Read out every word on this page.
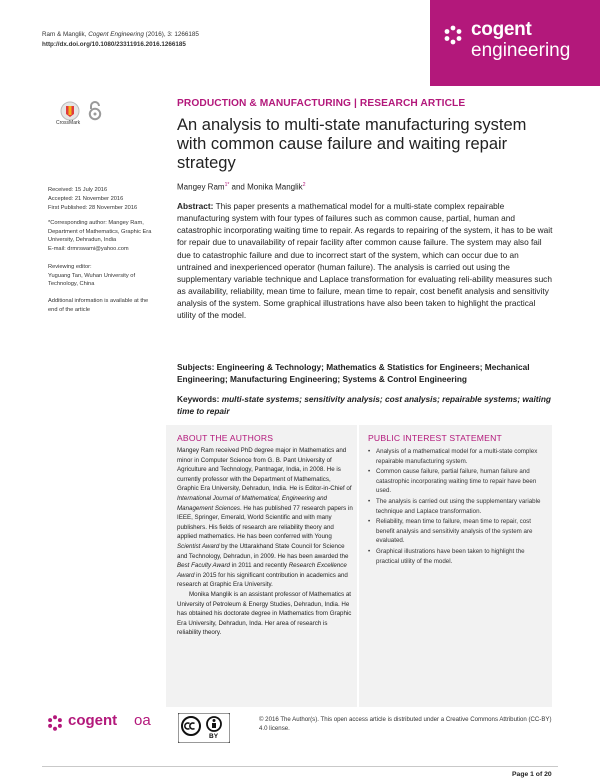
Ram & Manglik, Cogent Engineering (2016), 3: 1266185
http://dx.doi.org/10.1080/23311916.2016.1266185
cogent
engineering
CrossMark
PRODUCTION & MANUFACTURING | RESEARCH ARTICLE
An analysis to multi-state manufacturing system with common cause failure and waiting repair strategy
Mangey Ram$^{1*}$ and Monika Manglik$^2$
Received: 15 July 2016
Accepted: 21 November 2016
First Published: 28 November 2016
*Corresponding author: Mangey Ram, Department of Mathematics, Graphic Era University, Dehradun, India
E-mail: drmrswami@yahoo.com
Reviewing editor:
Yuguang Tan, Wuhan University of Technology, China
Additional information is available at the end of the article
Abstract: This paper presents a mathematical model for a multi-state complex repairable manufacturing system with four types of failures such as common cause, partial, human and catastrophic incorporating waiting time to repair. As regards to repairing of the system, it has to be wait for repair due to unavailability of repair facility after common cause failure. The system may also fail due to catastrophic failure and due to incorrect start of the system, which can occur due to an untrained and inexperienced operator (human failure). The analysis is carried out using the supplementary variable technique and Laplace transformation for evaluating reli-ability measures such as availability, reliability, mean time to failure, mean time to repair, cost benefit analysis and sensitivity analysis of the system. Some graphical illustrations have also been taken to highlight the practical utility of the model.
Subjects: Engineering & Technology; Mathematics & Statistics for Engineers; Mechanical Engineering; Manufacturing Engineering; Systems & Control Engineering
Keywords: multi-state systems; sensitivity analysis; cost analysis; repairable systems; waiting time to repair
ABOUT THE AUTHORS

Mangey Ram received PhD degree major in Mathematics and minor in Computer Science from G. B. Pant University of Agriculture and Technology, Pantnagar, India, in 2008. He is currently professor with the Department of Mathematics, Graphic Era University, Dehradun, India. He is Editor-in-Chief of International Journal of Mathematical, Engineering and Management Sciences. He has published 77 research papers in IEEE, Springer, Emerald, World Scientific and with many publishers. His fields of research are reliability theory and applied mathematics. He has been conferred with Young Scientist Award by the Uttarakhand State Council for Science and Technology, Dehradun, in 2009. He has been awarded the Best Faculty Award in 2011 and recently Research Excellence Award in 2015 for his significant contribution in academics and research at Graphic Era University.

Monika Manglik is an assistant professor of Mathematics at University of Petroleum & Energy Studies, Dehradun, India. He has obtained his doctorate degree in Mathematics from Graphic Era University, Dehradun, Inda. Her area of research is reliability theory.

PUBLIC INTEREST STATEMENT
• Analysis of a mathematical model for a multi-state complex repairable manufacturing system.
• Common cause failure, partial failure, human failure and catastrophic incorporating waiting time to repair have been used.
• The analysis is carried out using the supplementary variable technique and Laplace transformation.
• Reliability, mean time to failure, mean time to repair, cost benefit analysis and sensitivity analysis of the system are evaluated.
• Graphical illustrations have been taken to highlight the practical utility of the model.
cogent oa
BY
© 2016 The Author(s). This open access article is distributed under a Creative Commons Attribution (CC-BY) 4.0 license.
Page 1 of 20
